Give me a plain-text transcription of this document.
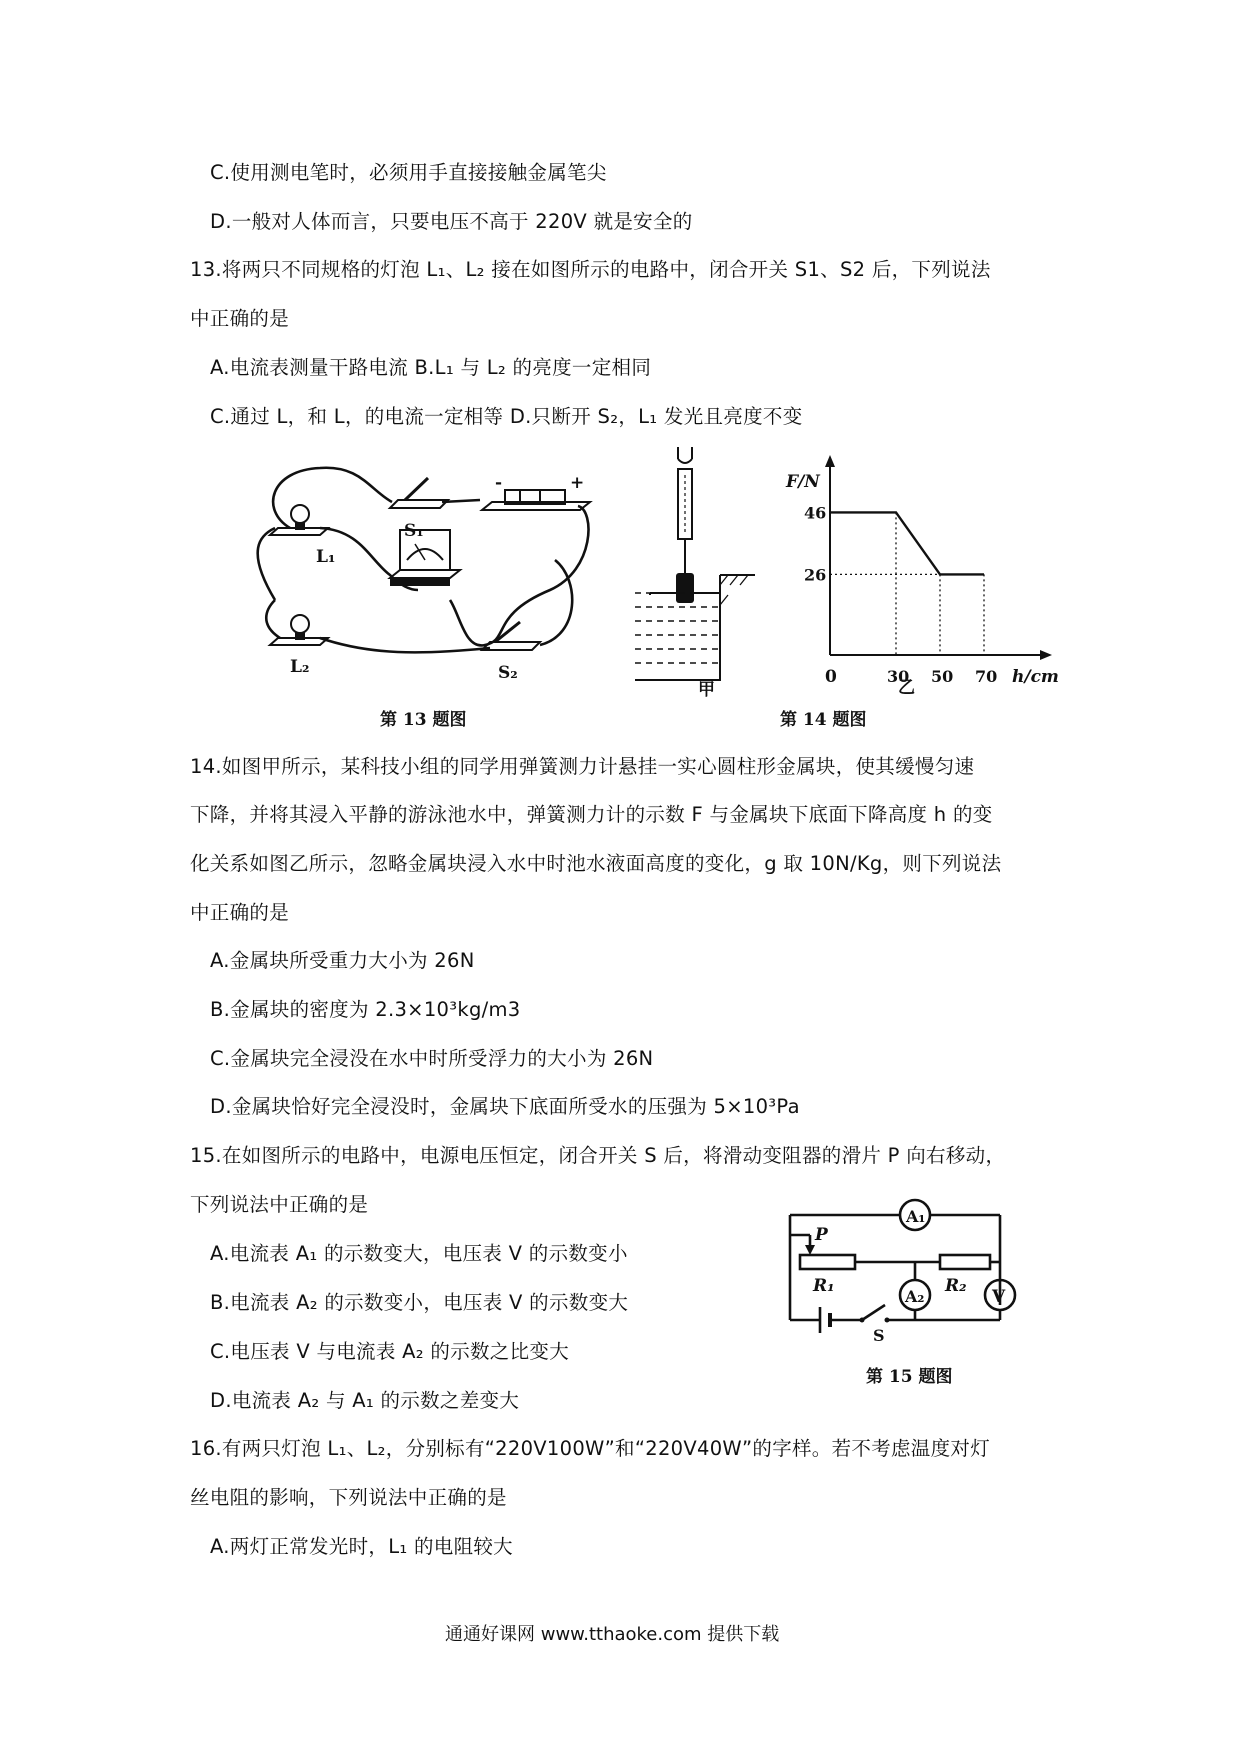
C.使用测电笔时，必须用手直接接触金属笔尖
D.一般对人体而言，只要电压不高于 220V 就是安全的
13.将两只不同规格的灯泡 L₁、L₂ 接在如图所示的电路中，闭合开关 S1、S2 后，下列说法
中正确的是
A.电流表测量干路电流 B.L₁ 与 L₂ 的亮度一定相同
C.通过 L，和 L，的电流一定相等 D.只断开 S₂，L₁ 发光且亮度不变
L₁
L₂
S₁
S₂
-	+
第 13 题图
甲
26
46
30 50 70
F/N
h/cm
0
乙
第 14 题图
14.如图甲所示，某科技小组的同学用弹簧测力计悬挂一实心圆柱形金属块，使其缓慢匀速
下降，并将其浸入平静的游泳池水中，弹簧测力计的示数 F 与金属块下底面下降高度 h 的变
化关系如图乙所示，忽略金属块浸入水中时池水液面高度的变化，g 取 10N/Kg，则下列说法
中正确的是
A.金属块所受重力大小为 26N
B.金属块的密度为 2.3×10³kg/m3
C.金属块完全浸没在水中时所受浮力的大小为 26N
D.金属块恰好完全浸没时，金属块下底面所受水的压强为 5×10³Pa
15.在如图所示的电路中，电源电压恒定，闭合开关 S 后，将滑动变阻器的滑片 P 向右移动，
下列说法中正确的是
A.电流表 A₁ 的示数变大，电压表 V 的示数变小
B.电流表 A₂ 的示数变小，电压表 V 的示数变大
C.电压表 V 与电流表 A₂ 的示数之比变大
D.电流表 A₂ 与 A₁ 的示数之差变大
A₁
P
R₁	R₂
A₂	V
S
第 15 题图
16.有两只灯泡 L₁、L₂，分别标有“220V100W”和“220V40W”的字样。若不考虑温度对灯
丝电阻的影响，下列说法中正确的是
A.两灯正常发光时，L₁ 的电阻较大
通通好课网 www.tthaoke.com 提供下载
